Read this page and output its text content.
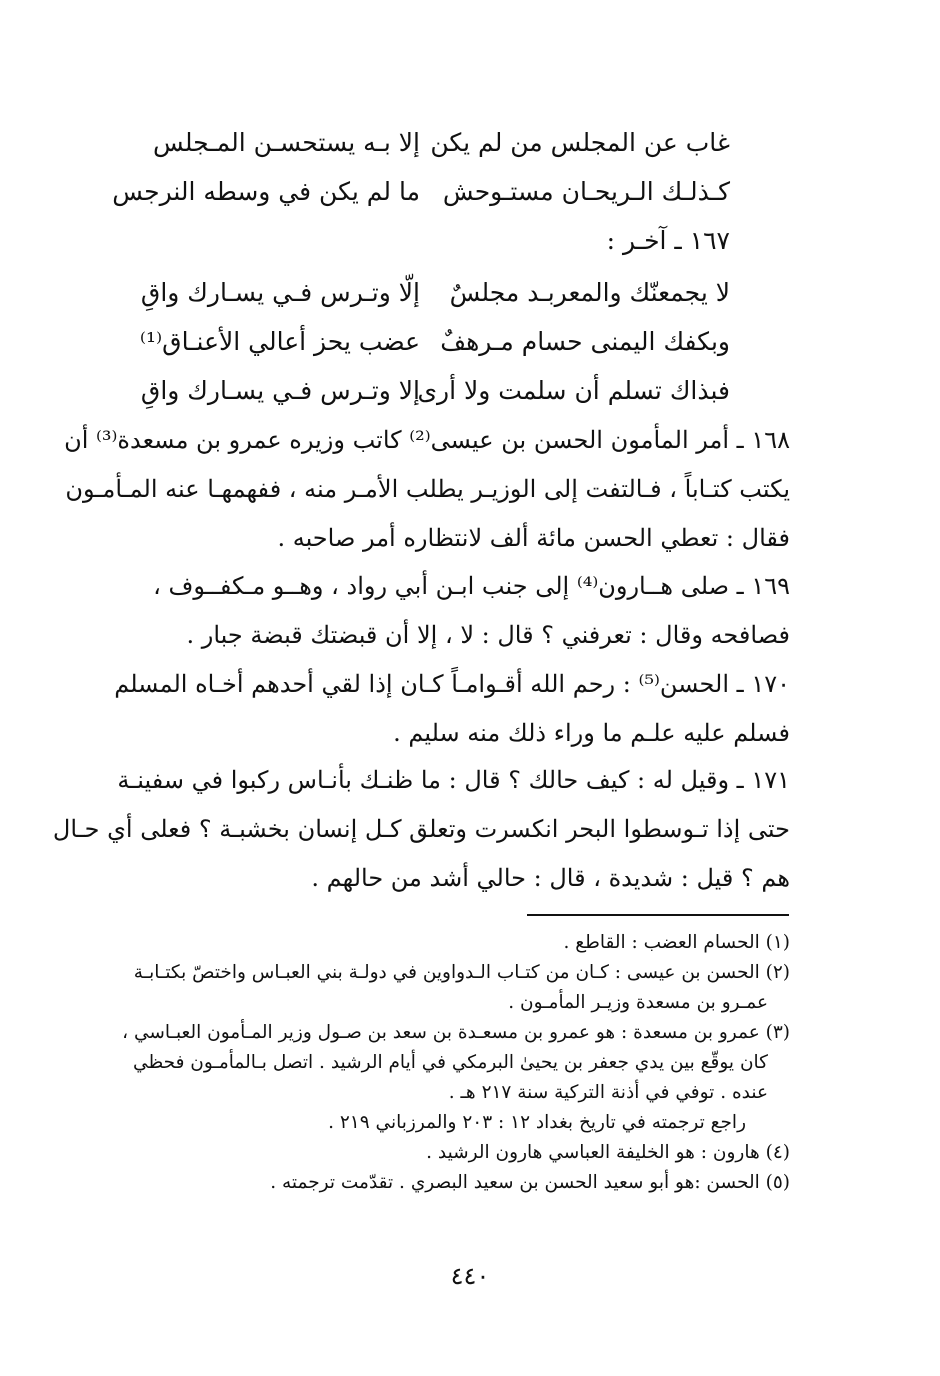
غاب عن المجلس من لم يكن
إلا بـه يستحسـن المـجلس
كـذلـك الـريحـان مستـوحش
ما لم يكن في وسطه النرجس
١٦٧ ـ آخـر :
لا يجمعنّك والمعربـد مجلسٌ
إلّا وتـرس فـي يسـارك واقِ
وبكفك اليمنى حسام مـرهفٌ
عضب يحز أعالي الأعنـاق⁽¹⁾
فبذاك تسلم أن سلمت ولا أرى
إلا وتـرس فـي يسـارك واقِ
١٦٨ ـ أمر المأمون الحسن بن عيسى⁽²⁾ كاتب وزيره عمرو بن مسعدة⁽³⁾ أن
يكتب كتـاباً ، فـالتفت إلى الوزيـر يطلب الأمـر منه ، ففهمهـا عنه المـأمـون
فقال : تعطي الحسن مائة ألف لانتظاره أمر صاحبه .
١٦٩ ـ صلى هــارون⁽⁴⁾ إلى جنب ابـن أبي رواد ، وهــو مـكفــوف ،
فصافحه وقال : تعرفني ؟ قال : لا ، إلا أن قبضتك قبضة جبار .
١٧٠ ـ الحسن⁽⁵⁾ : رحم الله أقـوامـاً كـان إذا لقي أحدهم أخـاه المسلم
فسلم عليه علـم ما وراء ذلك منه سليم .
١٧١ ـ وقيل له : كيف حالك ؟ قال : ما ظنـك بأنـاس ركبوا في سفينـة
حتى إذا تـوسطوا البحر انكسرت وتعلق كـل إنسان بخشبـة ؟ فعلى أي حـال
هم ؟ قيل : شديدة ، قال : حالي أشد من حالهم .
(١) الحسام العضب : القاطع .
(٢) الحسن بن عيسى : كـان من كتـاب الـدواوين في دولـة بني العبـاس واختصّ بكتـابـة
عمـرو بن مسعدة وزيـر المأمـون .
(٣) عمرو بن مسعدة : هو عمرو بن مسعـدة بن سعد بن صـول وزير المـأمون العبـاسي ،
كان يوقّع بين يدي جعفر بن يحيىٰ البرمكي في أيام الرشيد . اتصل بـالمأمـون فحظي
عنده . توفي في أذنة التركية سنة ٢١٧ هـ .
راجع ترجمته في تاريخ بغداد ١٢ : ٢٠٣ والمرزباني ٢١٩ .
(٤) هارون : هو الخليفة العباسي هارون الرشيد .
(٥) الحسن :هو أبو سعيد الحسن بن سعيد البصري . تقدّمت ترجمته .
٤٤٠
